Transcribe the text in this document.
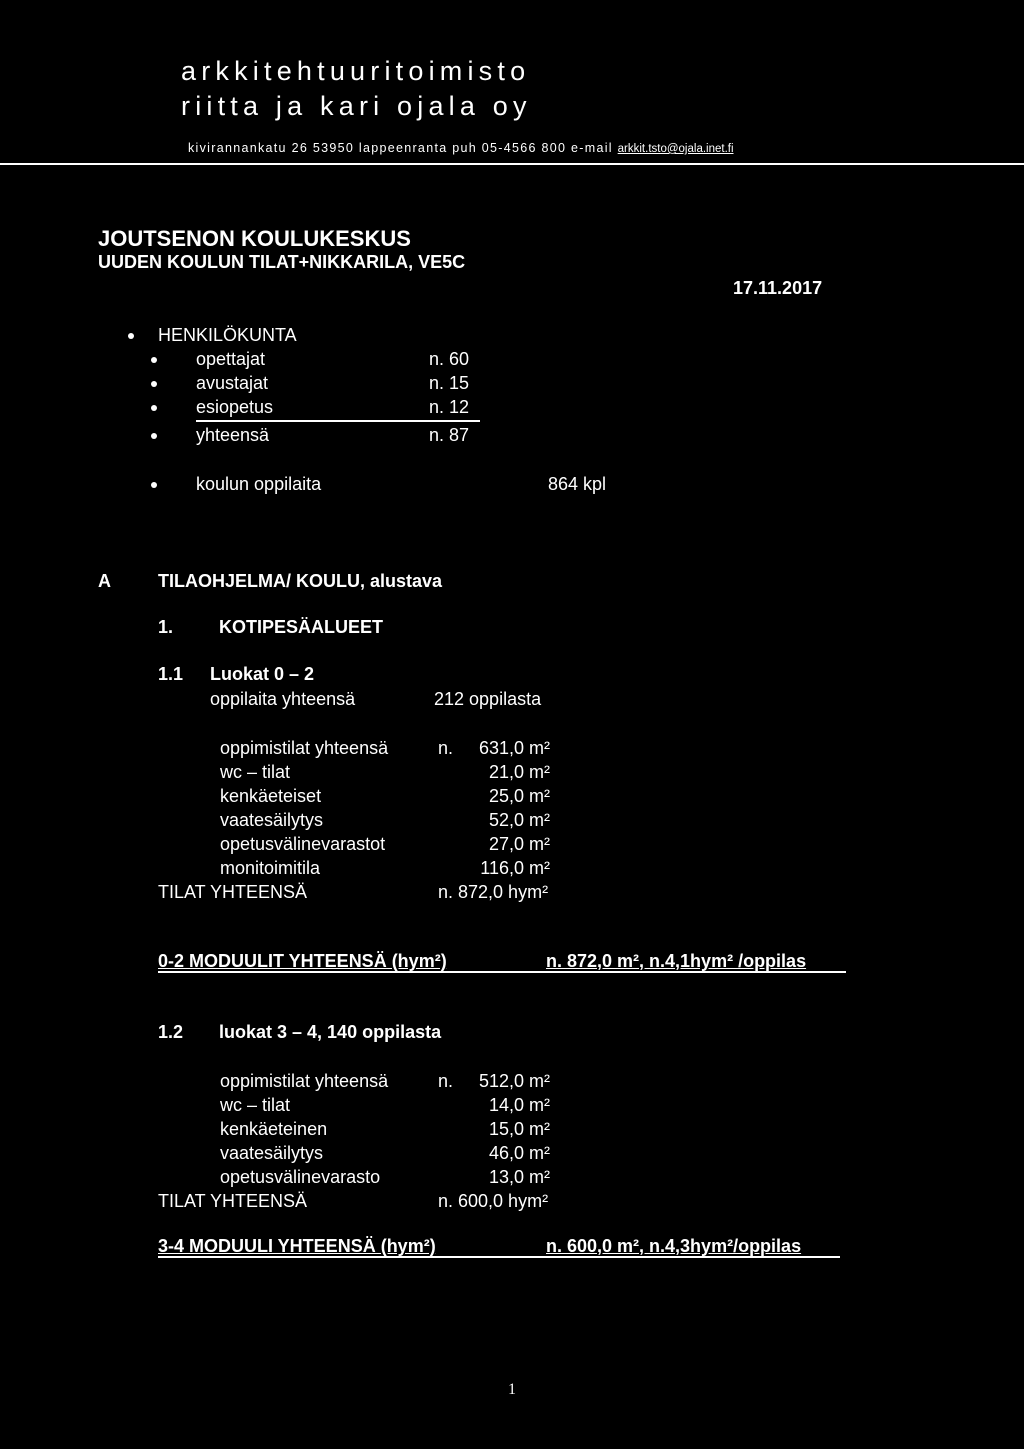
arkkitehtuuritoimisto
riitta ja kari ojala oy
kivirannankatu 26 53950 lappeenranta puh 05-4566 800 e-mail arkkit.tsto@ojala.inet.fi
JOUTSENON KOULUKESKUS
UUDEN KOULUN TILAT+NIKKARILA, VE5C
17.11.2017
HENKILÖKUNTA
opettajat	n. 60
avustajat	n. 15
esiopetus	n. 12
yhteensä	n. 87
koulun oppilaita	864 kpl
A	TILAOHJELMA/ KOULU, alustava
1.	KOTIPESÄALUEET
1.1 Luokat 0 – 2
oppilaita yhteensä	212 oppilasta
oppimistilat yhteensä	n.	631,0 m²
wc – tilat	21,0 m²
kenkäeteiset	25,0 m²
vaatesäilytys	52,0 m²
opetusvälinevarastot	27,0 m²
monitoimitila	116,0 m²
TILAT YHTEENSÄ	n. 872,0 hym²
0-2 MODUULIT YHTEENSÄ (hym²)	n. 872,0 m², n.4,1hym² /oppilas
1.2 luokat 3 – 4, 140 oppilasta
oppimistilat yhteensä	n.	512,0 m²
wc – tilat	14,0 m²
kenkäeteinen	15,0 m²
vaatesäilytys	46,0 m²
opetusvälinevarasto	13,0 m²
TILAT YHTEENSÄ	n. 600,0 hym²
3-4 MODUULI YHTEENSÄ (hym²)	n. 600,0 m², n.4,3hym²/oppilas
1
